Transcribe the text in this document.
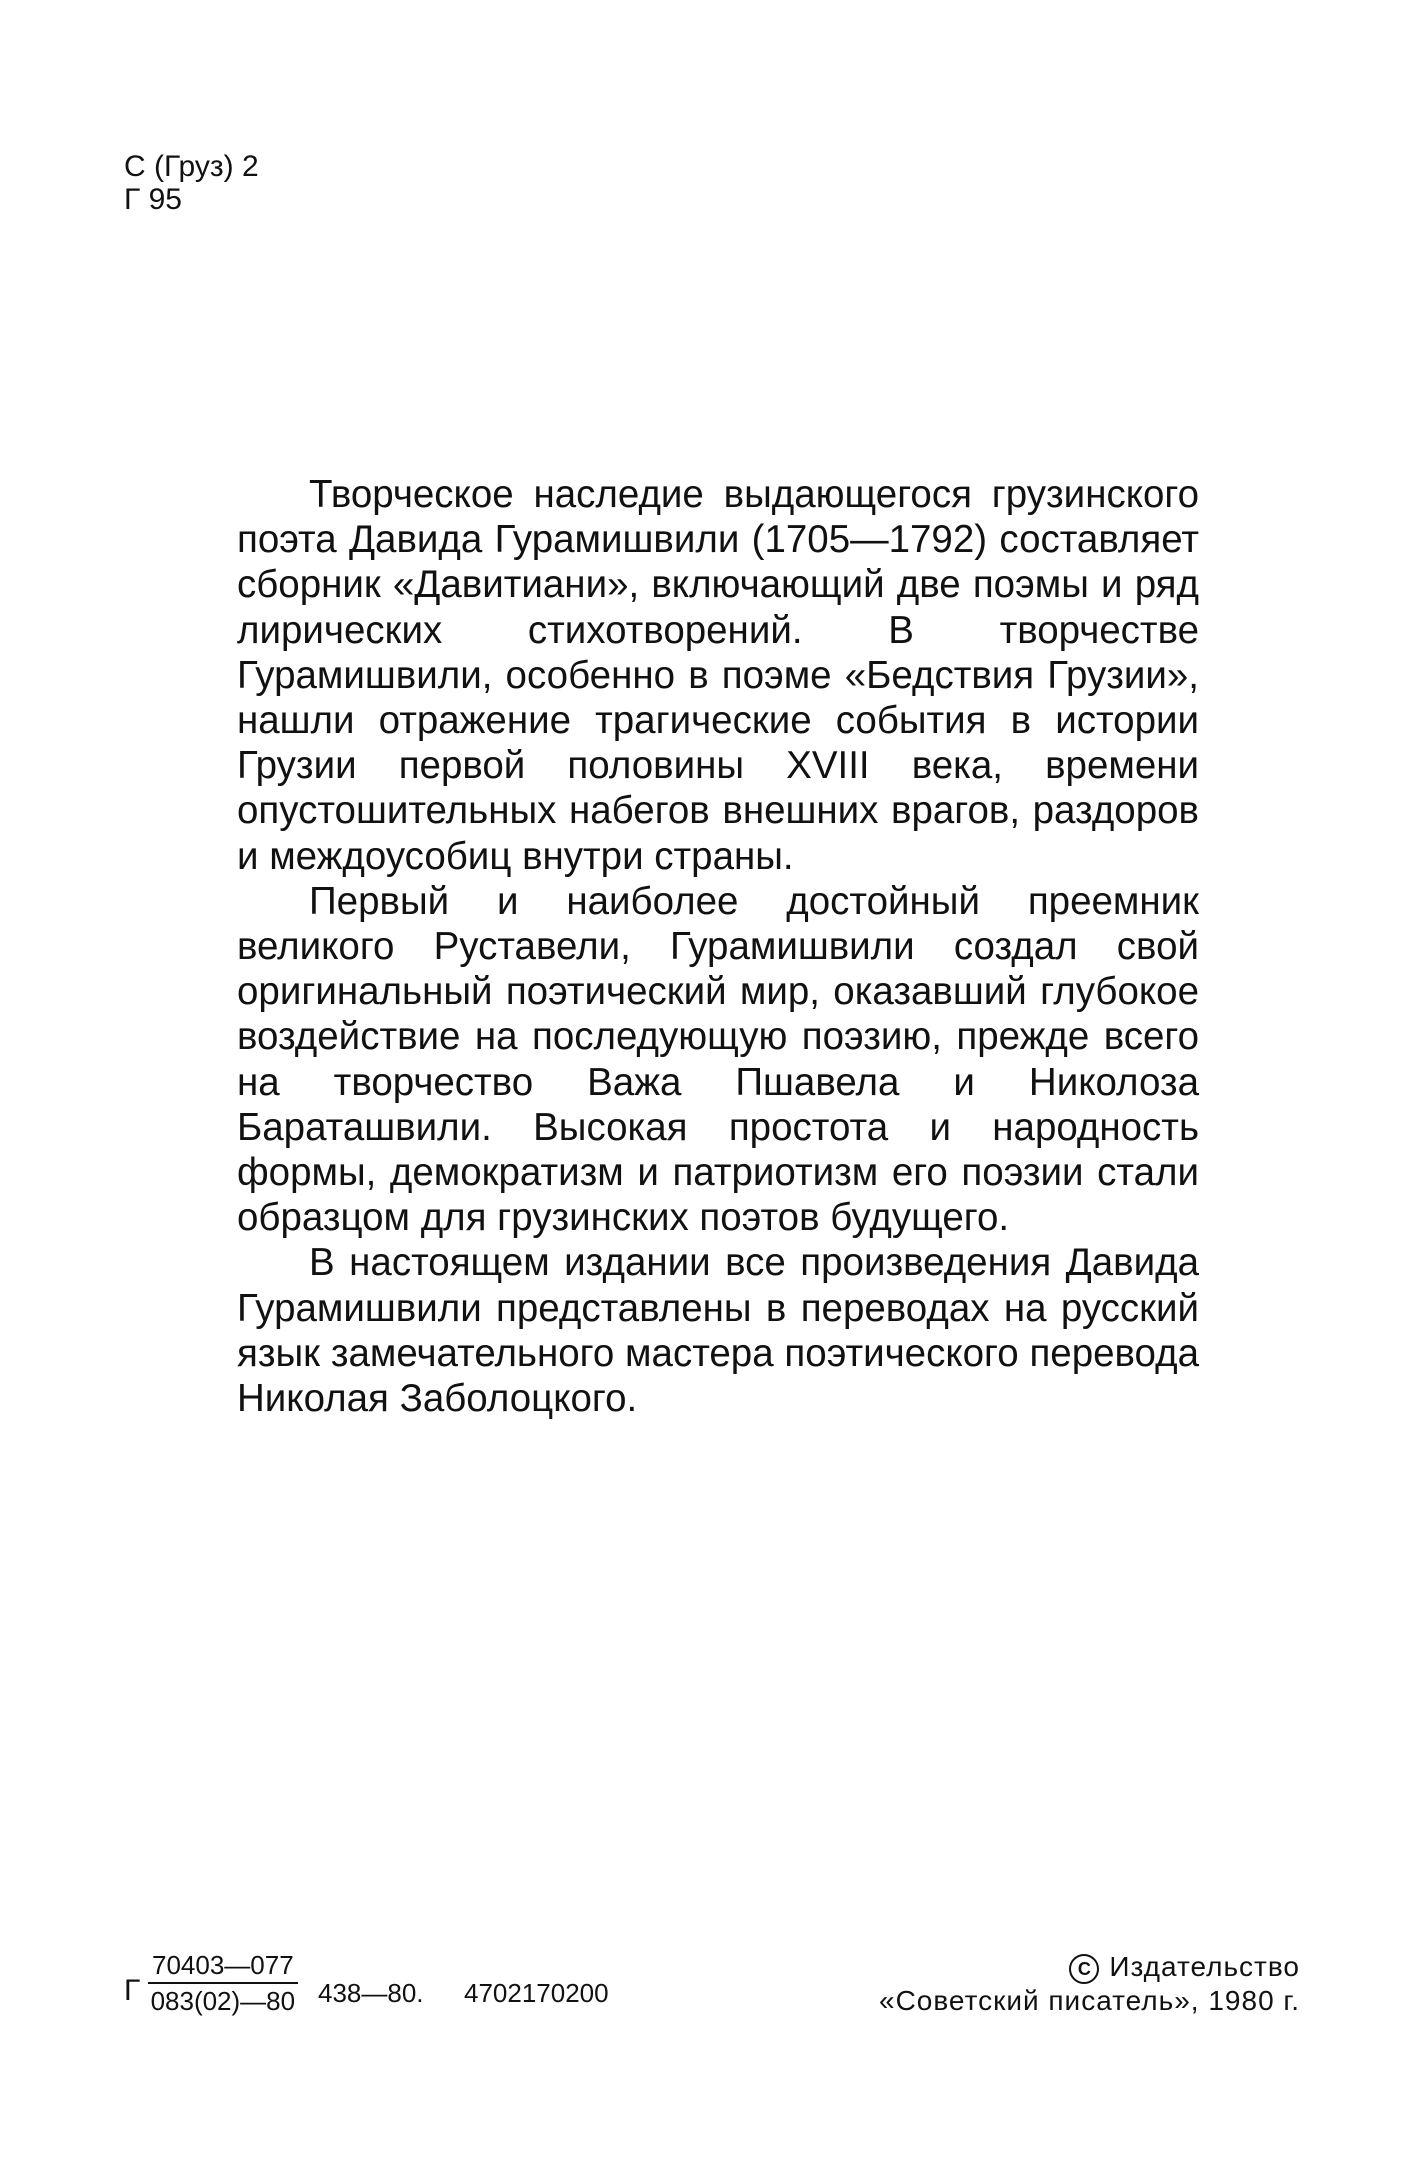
С (Груз) 2
Г 95

Творческое наследие выдающегося грузинского поэта Давида Гурамишвили (1705—1792) составляет сборник «Давитиани», включающий две поэмы и ряд лирических стихотворений. В творчестве Гурамишвили, особенно в поэме «Бедствия Грузии», нашли отражение трагические события в истории Грузии первой половины XVIII века, времени опустошительных набегов внешних врагов, раздоров и междоусобиц внутри страны.

Первый и наиболее достойный преемник великого Руставели, Гурамишвили создал свой оригинальный поэтический мир, оказавший глубокое воздействие на последующую поэзию, прежде всего на творчество Важа Пшавела и Николоза Бараташвили. Высокая простота и народность формы, демократизм и патриотизм его поэзии стали образцом для грузинских поэтов будущего.

В настоящем издании все произведения Давида Гурамишвили представлены в переводах на русский язык замечательного мастера поэтического перевода Николая Заболоцкого.

Г $\frac{70403—077}{083(02)—80}$ 438—80. 4702170200
C Издательство
«Советский писатель», 1980 г.
